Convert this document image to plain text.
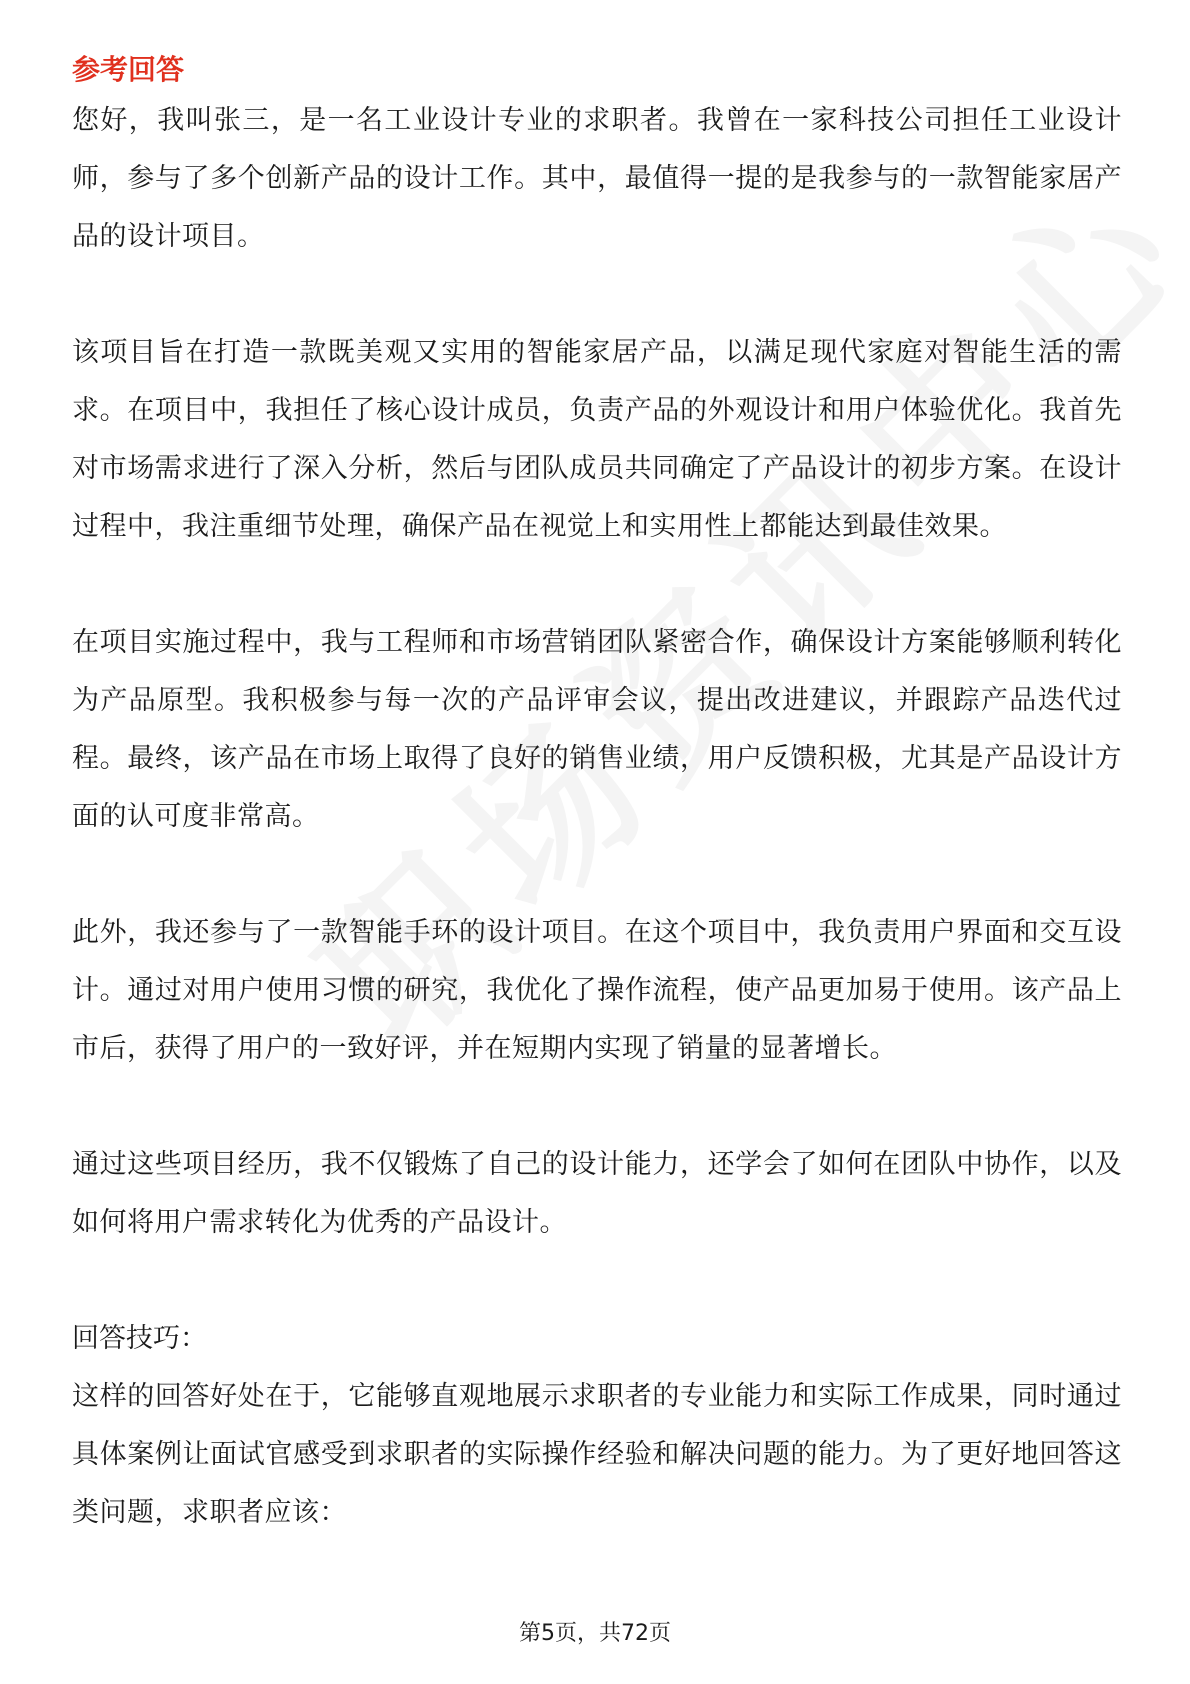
参考回答

您好，我叫张三，是一名工业设计专业的求职者。我曾在一家科技公司担任工业设计师，参与了多个创新产品的设计工作。其中，最值得一提的是我参与的一款智能家居产品的设计项目。

该项目旨在打造一款既美观又实用的智能家居产品，以满足现代家庭对智能生活的需求。在项目中，我担任了核心设计成员，负责产品的外观设计和用户体验优化。我首先对市场需求进行了深入分析，然后与团队成员共同确定了产品设计的初步方案。在设计过程中，我注重细节处理，确保产品在视觉上和实用性上都能达到最佳效果。

在项目实施过程中，我与工程师和市场营销团队紧密合作，确保设计方案能够顺利转化为产品原型。我积极参与每一次的产品评审会议，提出改进建议，并跟踪产品迭代过程。最终，该产品在市场上取得了良好的销售业绩，用户反馈积极，尤其是产品设计方面的认可度非常高。

此外，我还参与了一款智能手环的设计项目。在这个项目中，我负责用户界面和交互设计。通过对用户使用习惯的研究，我优化了操作流程，使产品更加易于使用。该产品上市后，获得了用户的一致好评，并在短期内实现了销量的显著增长。

通过这些项目经历，我不仅锻炼了自己的设计能力，还学会了如何在团队中协作，以及如何将用户需求转化为优秀的产品设计。

回答技巧：

这样的回答好处在于，它能够直观地展示求职者的专业能力和实际工作成果，同时通过具体案例让面试官感受到求职者的实际操作经验和解决问题的能力。为了更好地回答这类问题，求职者应该：

第5页，共72页
